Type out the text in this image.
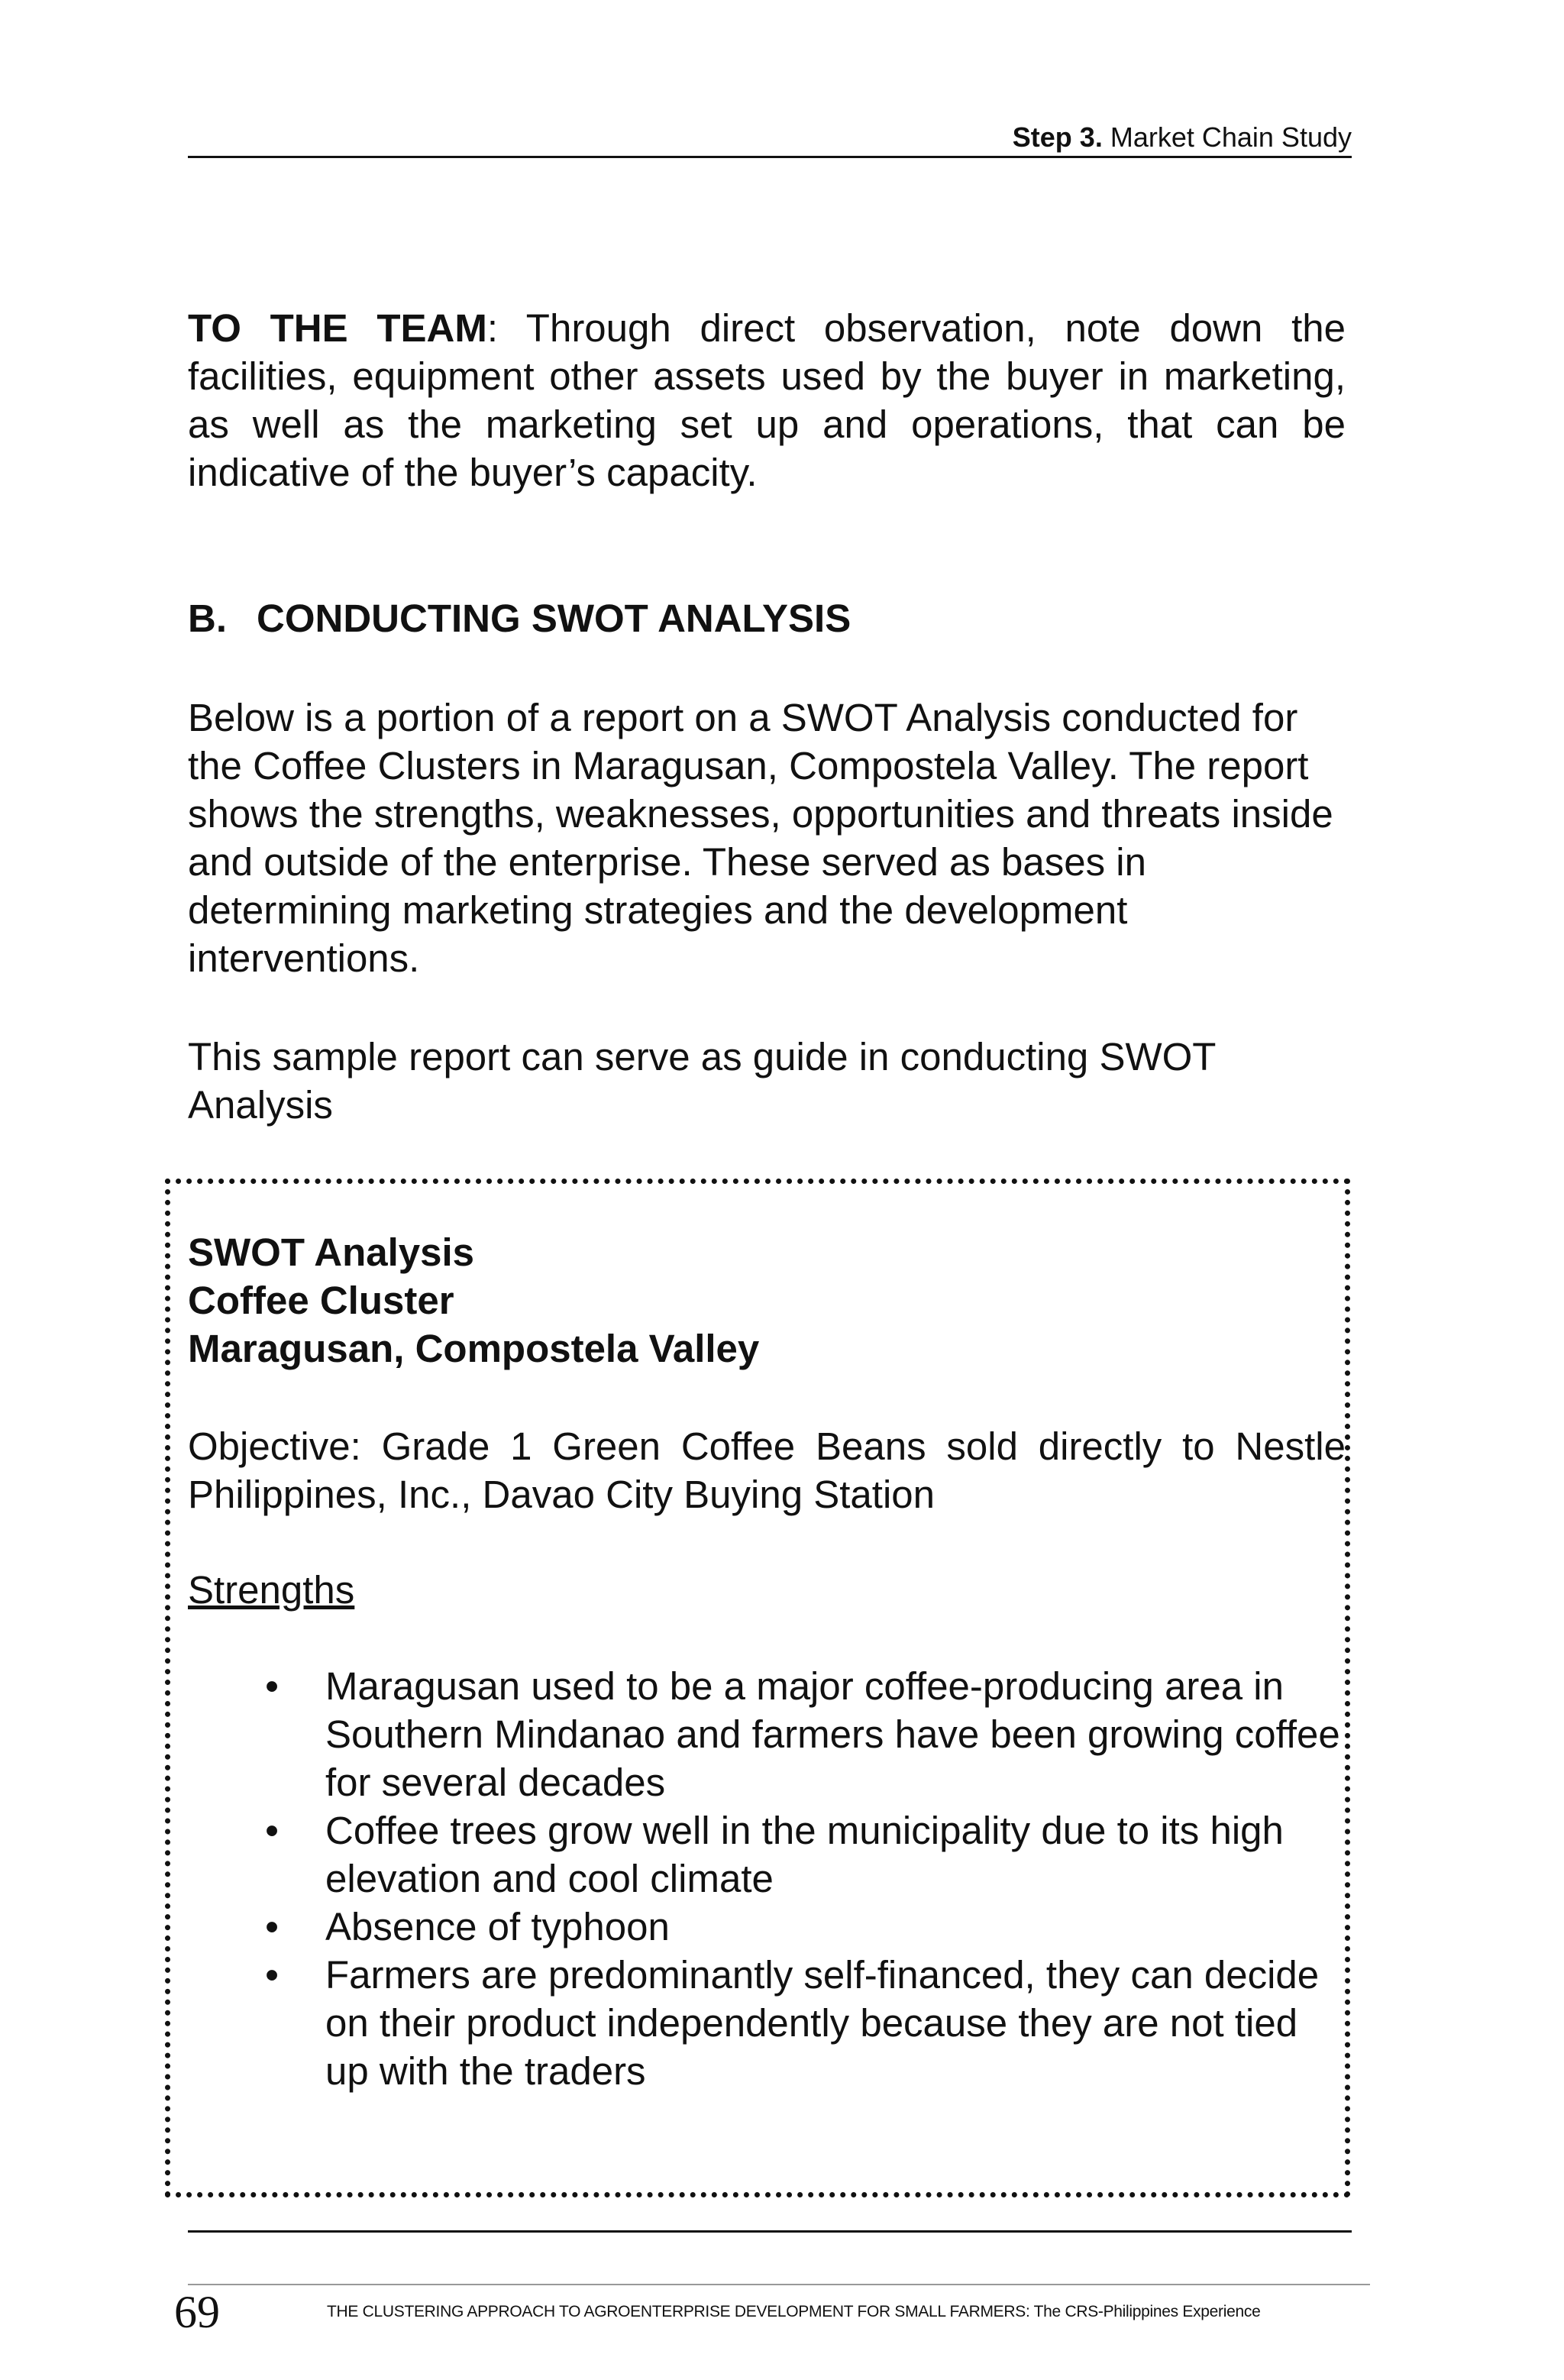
Step 3. Market Chain Study
TO THE TEAM: Through direct observation, note down the facilities, equipment other assets used by the buyer in marketing, as well as the marketing set up and operations, that can be indicative of the buyer’s capacity.
B. CONDUCTING SWOT ANALYSIS
Below is a portion of a report on a SWOT Analysis conducted for the Coffee Clusters in Maragusan, Compostela Valley. The report shows the strengths, weaknesses, opportunities and threats inside and outside of the enterprise. These served as bases in determining marketing strategies and the development interventions.
This sample report can serve as guide in conducting SWOT Analysis
SWOT Analysis
Coffee Cluster
Maragusan, Compostela Valley
Objective: Grade 1 Green Coffee Beans sold directly to Nestle Philippines, Inc., Davao City Buying Station
Strengths
• Maragusan used to be a major coffee-producing area in Southern Mindanao and farmers have been growing coffee for several decades
• Coffee trees grow well in the municipality due to its high elevation and cool climate
• Absence of typhoon
• Farmers are predominantly self-financed, they can decide on their product independently because they are not tied up with the traders
69	THE CLUSTERING APPROACH TO AGROENTERPRISE DEVELOPMENT FOR SMALL FARMERS: The CRS-Philippines Experience
